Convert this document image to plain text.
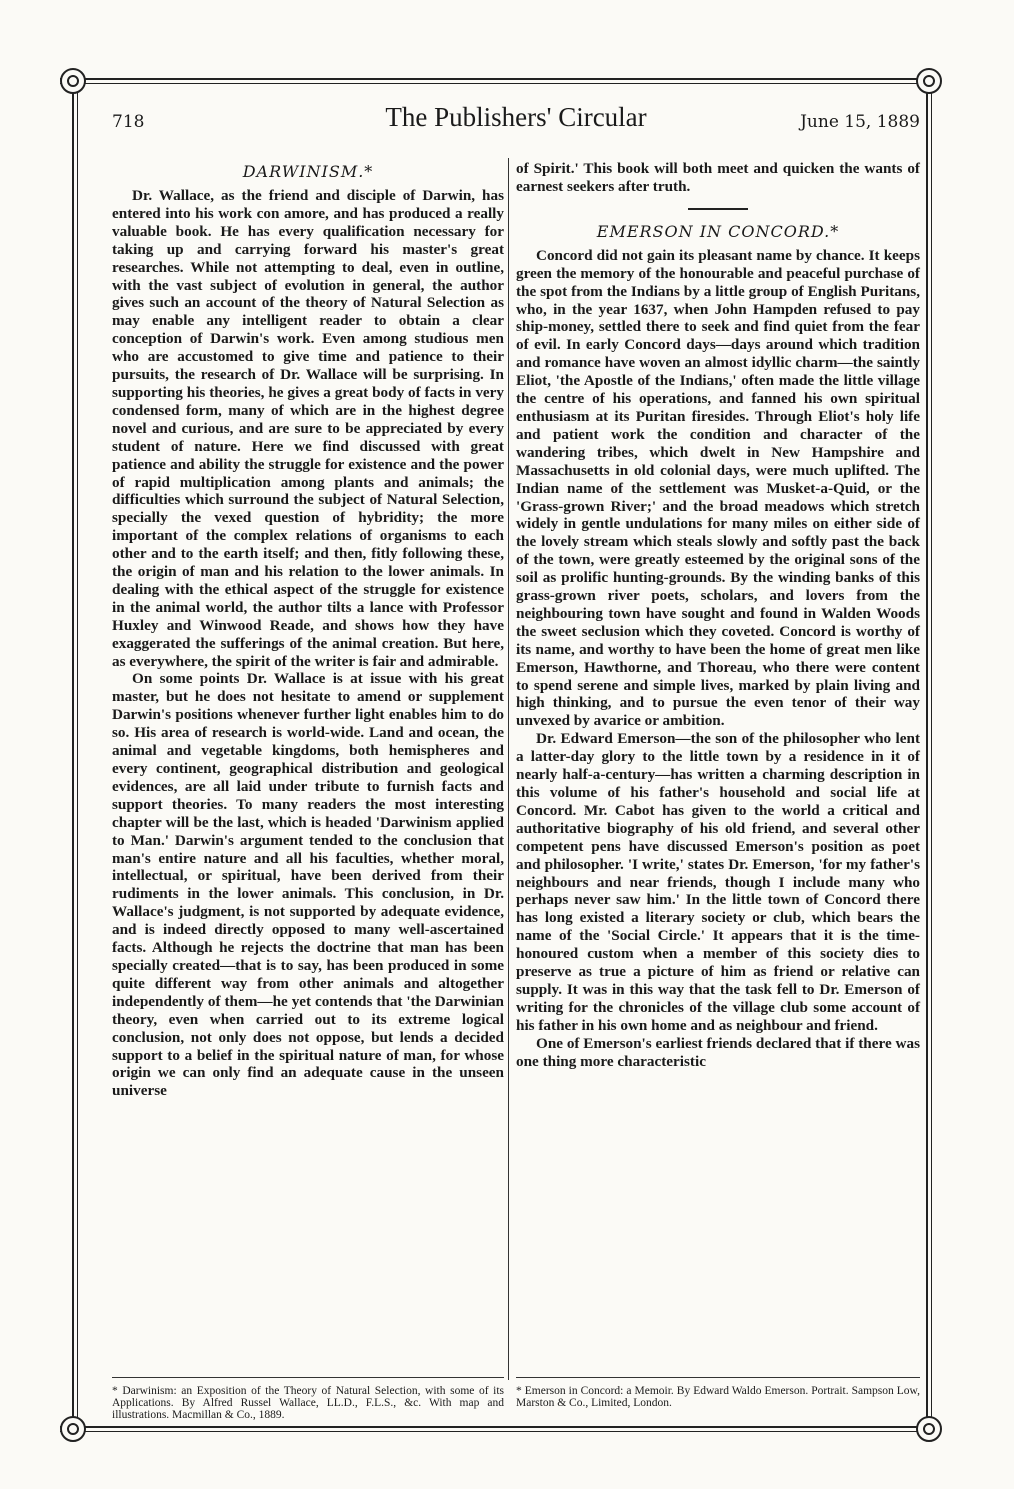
718	The Publishers' Circular	June 15, 1889
DARWINISM.*

Dr. Wallace, as the friend and disciple of Darwin, has entered into his work con amore, and has produced a really valuable book. He has every qualification necessary for taking up and carrying forward his master's great researches. While not attempting to deal, even in outline, with the vast subject of evolution in general, the author gives such an account of the theory of Natural Selection as may enable any intelligent reader to obtain a clear conception of Darwin's work. Even among studious men who are accustomed to give time and patience to their pursuits, the research of Dr. Wallace will be surprising. In supporting his theories, he gives a great body of facts in very condensed form, many of which are in the highest degree novel and curious, and are sure to be appreciated by every student of nature. Here we find discussed with great patience and ability the struggle for existence and the power of rapid multiplication among plants and animals; the difficulties which surround the subject of Natural Selection, specially the vexed question of hybridity; the more important of the complex relations of organisms to each other and to the earth itself; and then, fitly following these, the origin of man and his relation to the lower animals. In dealing with the ethical aspect of the struggle for existence in the animal world, the author tilts a lance with Professor Huxley and Winwood Reade, and shows how they have exaggerated the sufferings of the animal creation. But here, as everywhere, the spirit of the writer is fair and admirable.

On some points Dr. Wallace is at issue with his great master, but he does not hesitate to amend or supplement Darwin's positions whenever further light enables him to do so. His area of research is world-wide. Land and ocean, the animal and vegetable kingdoms, both hemispheres and every continent, geographical distribution and geological evidences, are all laid under tribute to furnish facts and support theories. To many readers the most interesting chapter will be the last, which is headed 'Darwinism applied to Man.' Darwin's argument tended to the conclusion that man's entire nature and all his faculties, whether moral, intellectual, or spiritual, have been derived from their rudiments in the lower animals. This conclusion, in Dr. Wallace's judgment, is not supported by adequate evidence, and is indeed directly opposed to many well-ascertained facts. Although he rejects the doctrine that man has been specially created—that is to say, has been produced in some quite different way from other animals and altogether independently of them—he yet contends that 'the Darwinian theory, even when carried out to its extreme logical conclusion, not only does not oppose, but lends a decided support to a belief in the spiritual nature of man, for whose origin we can only find an adequate cause in the unseen universe

of Spirit.' This book will both meet and quicken the wants of earnest seekers after truth.

EMERSON IN CONCORD.*

Concord did not gain its pleasant name by chance. It keeps green the memory of the honourable and peaceful purchase of the spot from the Indians by a little group of English Puritans, who, in the year 1637, when John Hampden refused to pay ship-money, settled there to seek and find quiet from the fear of evil. In early Concord days—days around which tradition and romance have woven an almost idyllic charm—the saintly Eliot, 'the Apostle of the Indians,' often made the little village the centre of his operations, and fanned his own spiritual enthusiasm at its Puritan firesides. Through Eliot's holy life and patient work the condition and character of the wandering tribes, which dwelt in New Hampshire and Massachusetts in old colonial days, were much uplifted. The Indian name of the settlement was Musket-a-Quid, or the 'Grass-grown River;' and the broad meadows which stretch widely in gentle undulations for many miles on either side of the lovely stream which steals slowly and softly past the back of the town, were greatly esteemed by the original sons of the soil as prolific hunting-grounds. By the winding banks of this grass-grown river poets, scholars, and lovers from the neighbouring town have sought and found in Walden Woods the sweet seclusion which they coveted. Concord is worthy of its name, and worthy to have been the home of great men like Emerson, Hawthorne, and Thoreau, who there were content to spend serene and simple lives, marked by plain living and high thinking, and to pursue the even tenor of their way unvexed by avarice or ambition.

Dr. Edward Emerson—the son of the philosopher who lent a latter-day glory to the little town by a residence in it of nearly half-a-century—has written a charming description in this volume of his father's household and social life at Concord. Mr. Cabot has given to the world a critical and authoritative biography of his old friend, and several other competent pens have discussed Emerson's position as poet and philosopher. 'I write,' states Dr. Emerson, 'for my father's neighbours and near friends, though I include many who perhaps never saw him.' In the little town of Concord there has long existed a literary society or club, which bears the name of the 'Social Circle.' It appears that it is the time-honoured custom when a member of this society dies to preserve as true a picture of him as friend or relative can supply. It was in this way that the task fell to Dr. Emerson of writing for the chronicles of the village club some account of his father in his own home and as neighbour and friend.

One of Emerson's earliest friends declared that if there was one thing more characteristic

* Darwinism: an Exposition of the Theory of Natural Selection, with some of its Applications. By Alfred Russel Wallace, LL.D., F.L.S., &c. With map and illustrations. Macmillan & Co., 1889.
* Emerson in Concord: a Memoir. By Edward Waldo Emerson. Portrait. Sampson Low, Marston & Co., Limited, London.
